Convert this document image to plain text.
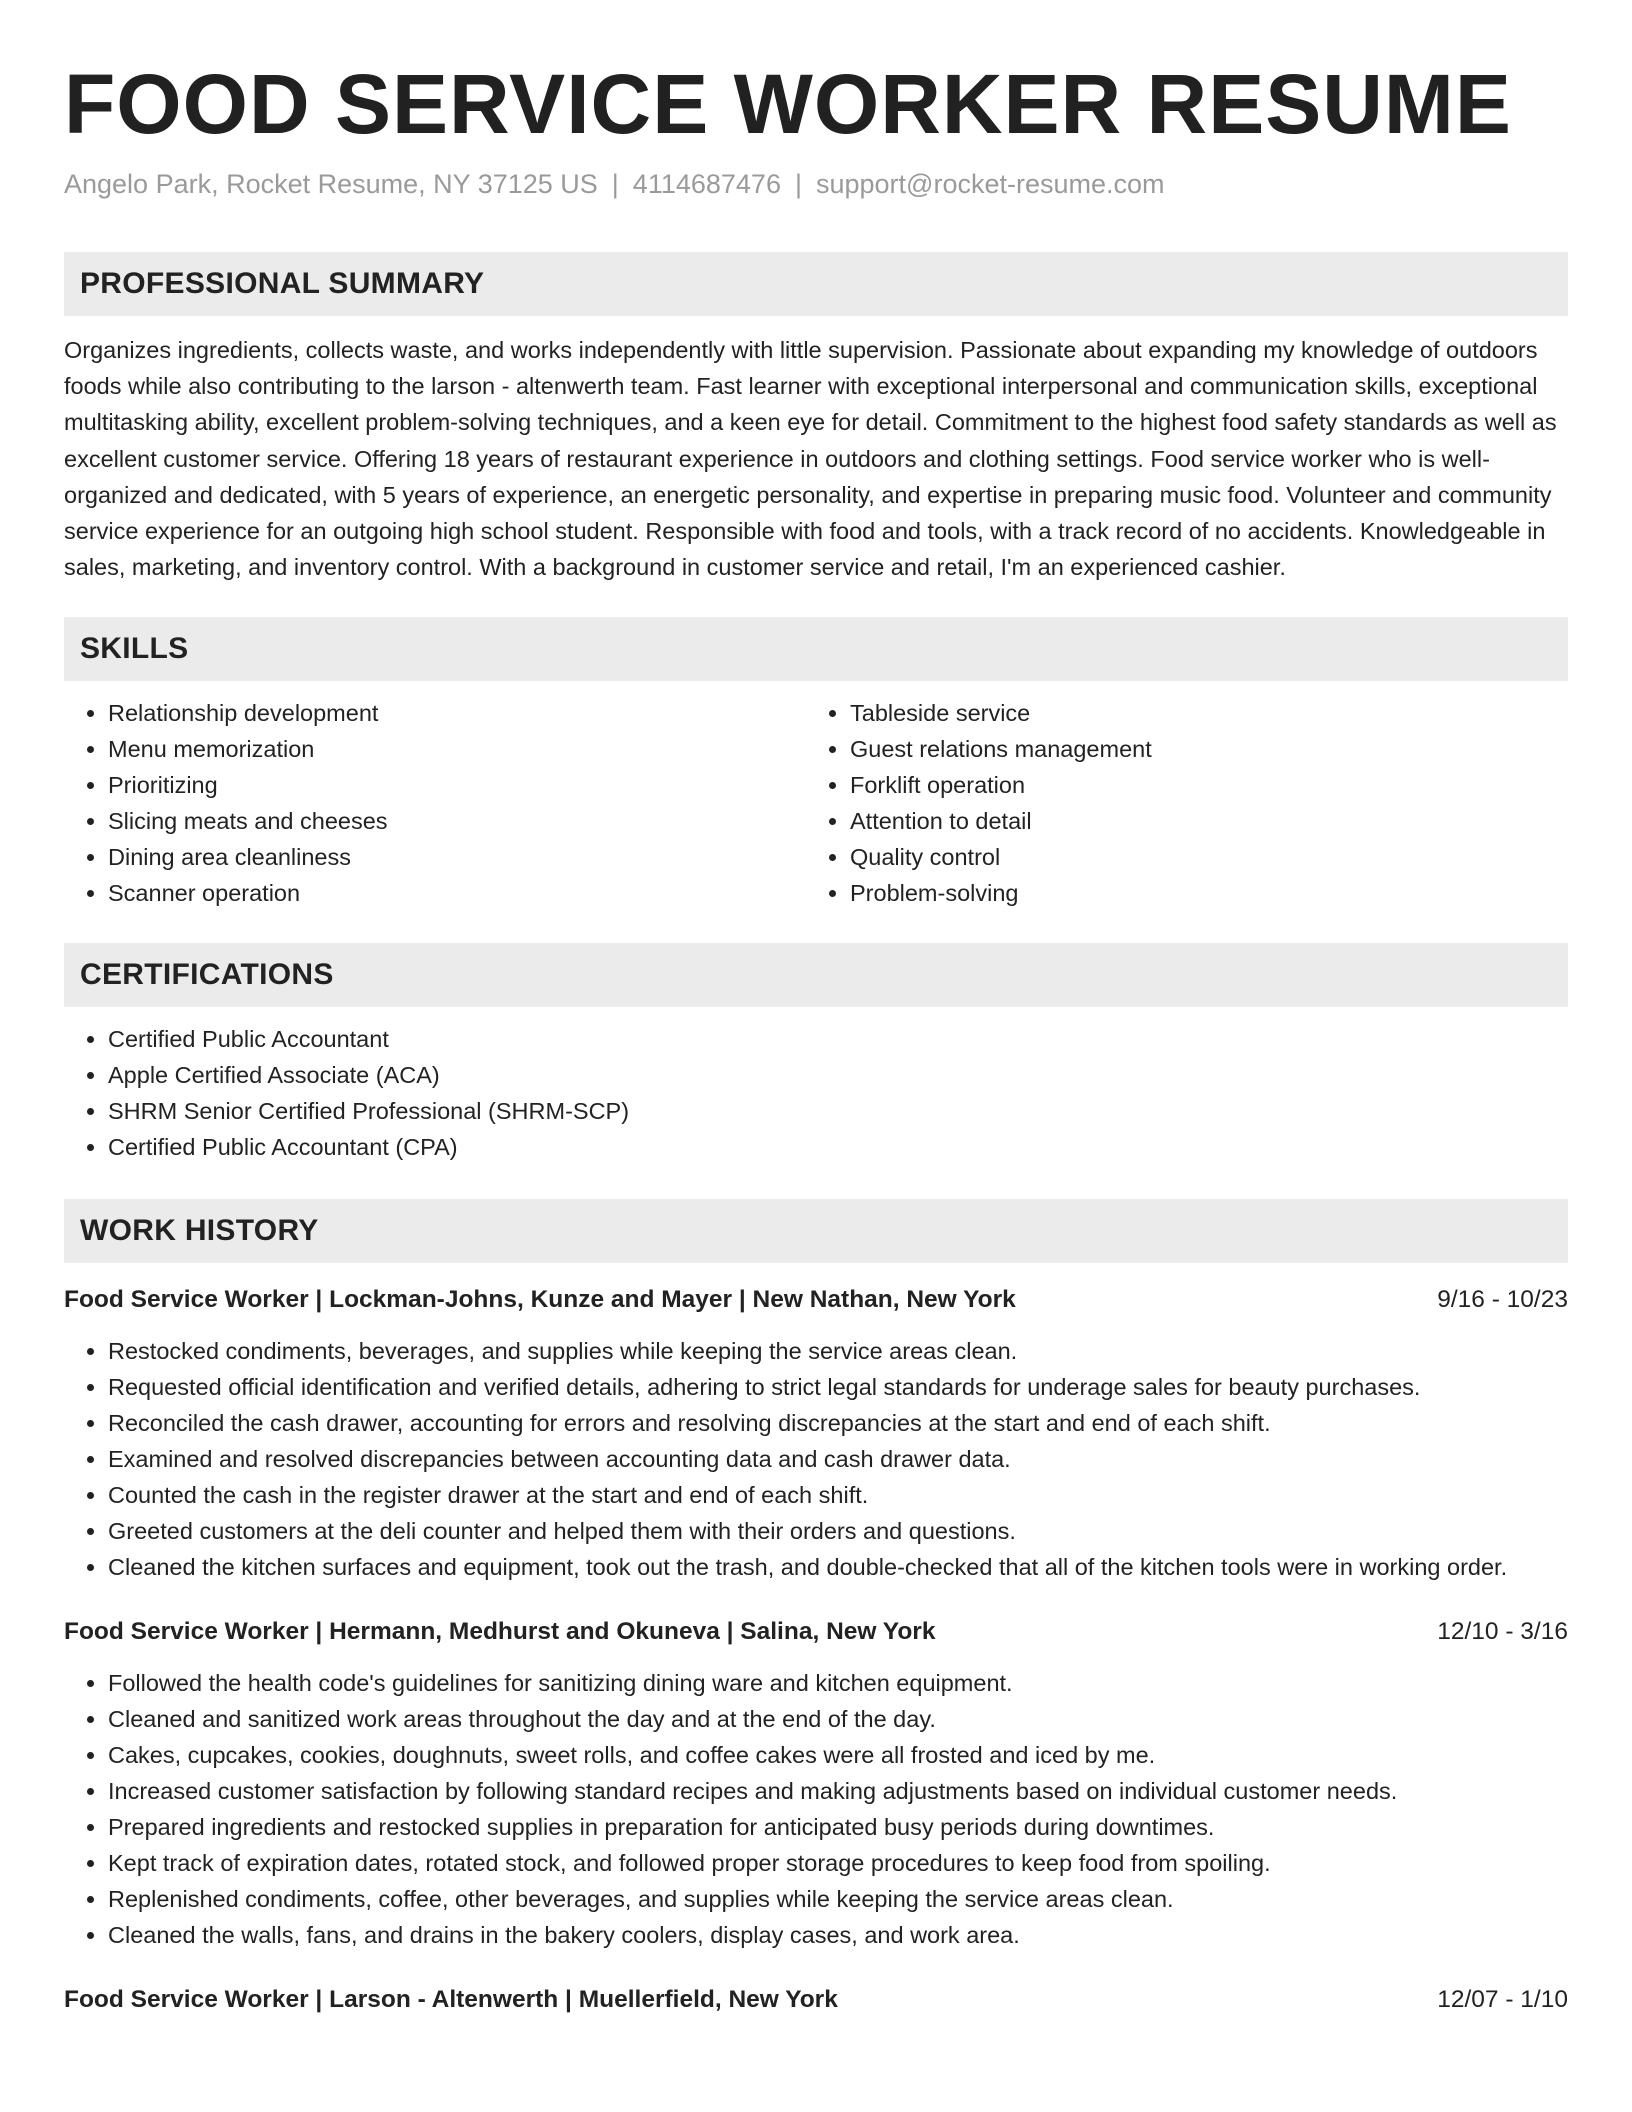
FOOD SERVICE WORKER RESUME
Angelo Park, Rocket Resume, NY 37125 US | 4114687476 | support@rocket-resume.com
PROFESSIONAL SUMMARY

Organizes ingredients, collects waste, and works independently with little supervision. Passionate about expanding my knowledge of outdoors foods while also contributing to the larson - altenwerth team. Fast learner with exceptional interpersonal and communication skills, exceptional multitasking ability, excellent problem-solving techniques, and a keen eye for detail. Commitment to the highest food safety standards as well as excellent customer service. Offering 18 years of restaurant experience in outdoors and clothing settings. Food service worker who is well-organized and dedicated, with 5 years of experience, an energetic personality, and expertise in preparing music food. Volunteer and community service experience for an outgoing high school student. Responsible with food and tools, with a track record of no accidents. Knowledgeable in sales, marketing, and inventory control. With a background in customer service and retail, I'm an experienced cashier.

SKILLS
• Relationship development
• Menu memorization
• Prioritizing
• Slicing meats and cheeses
• Dining area cleanliness
• Scanner operation
• Tableside service
• Guest relations management
• Forklift operation
• Attention to detail
• Quality control
• Problem-solving
CERTIFICATIONS
• Certified Public Accountant
• Apple Certified Associate (ACA)
• SHRM Senior Certified Professional (SHRM-SCP)
• Certified Public Accountant (CPA)
WORK HISTORY
Food Service Worker | Lockman-Johns, Kunze and Mayer | New Nathan, New York	9/16 - 10/23
• Restocked condiments, beverages, and supplies while keeping the service areas clean.
• Requested official identification and verified details, adhering to strict legal standards for underage sales for beauty purchases.
• Reconciled the cash drawer, accounting for errors and resolving discrepancies at the start and end of each shift.
• Examined and resolved discrepancies between accounting data and cash drawer data.
• Counted the cash in the register drawer at the start and end of each shift.
• Greeted customers at the deli counter and helped them with their orders and questions.
• Cleaned the kitchen surfaces and equipment, took out the trash, and double-checked that all of the kitchen tools were in working order.
Food Service Worker | Hermann, Medhurst and Okuneva | Salina, New York	12/10 - 3/16
• Followed the health code's guidelines for sanitizing dining ware and kitchen equipment.
• Cleaned and sanitized work areas throughout the day and at the end of the day.
• Cakes, cupcakes, cookies, doughnuts, sweet rolls, and coffee cakes were all frosted and iced by me.
• Increased customer satisfaction by following standard recipes and making adjustments based on individual customer needs.
• Prepared ingredients and restocked supplies in preparation for anticipated busy periods during downtimes.
• Kept track of expiration dates, rotated stock, and followed proper storage procedures to keep food from spoiling.
• Replenished condiments, coffee, other beverages, and supplies while keeping the service areas clean.
• Cleaned the walls, fans, and drains in the bakery coolers, display cases, and work area.
Food Service Worker | Larson - Altenwerth | Muellerfield, New York	12/07 - 1/10
